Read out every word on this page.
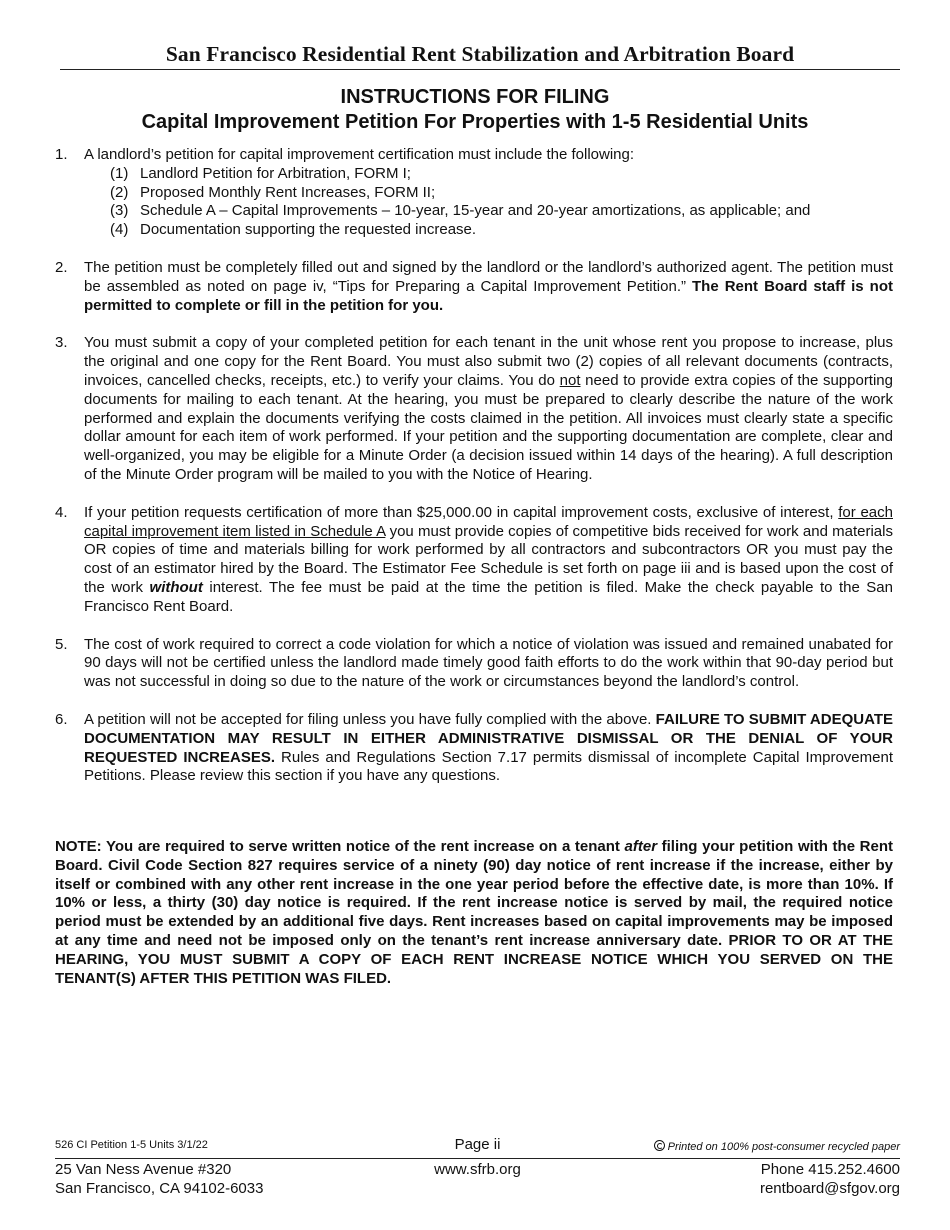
San Francisco Residential Rent Stabilization and Arbitration Board
INSTRUCTIONS FOR FILING
Capital Improvement Petition For Properties with 1-5 Residential Units
1. A landlord’s petition for capital improvement certification must include the following:

(1) Landlord Petition for Arbitration, FORM I;
(2) Proposed Monthly Rent Increases, FORM II;
(3) Schedule A – Capital Improvements – 10-year, 15-year and 20-year amortizations, as applicable; and
(4) Documentation supporting the requested increase.
2. The petition must be completely filled out and signed by the landlord or the landlord’s authorized agent. The petition must be assembled as noted on page iv, “Tips for Preparing a Capital Improvement Petition.” The Rent Board staff is not permitted to complete or fill in the petition for you.

3. You must submit a copy of your completed petition for each tenant in the unit whose rent you propose to increase, plus the original and one copy for the Rent Board. You must also submit two (2) copies of all relevant documents (contracts, invoices, cancelled checks, receipts, etc.) to verify your claims. You do not need to provide extra copies of the supporting documents for mailing to each tenant. At the hearing, you must be prepared to clearly describe the nature of the work performed and explain the documents verifying the costs claimed in the petition. All invoices must clearly state a specific dollar amount for each item of work performed. If your petition and the supporting documentation are complete, clear and well-organized, you may be eligible for a Minute Order (a decision issued within 14 days of the hearing). A full description of the Minute Order program will be mailed to you with the Notice of Hearing.

4. If your petition requests certification of more than $25,000.00 in capital improvement costs, exclusive of interest, for each capital improvement item listed in Schedule A you must provide copies of competitive bids received for work and materials OR copies of time and materials billing for work performed by all contractors and subcontractors OR you must pay the cost of an estimator hired by the Board. The Estimator Fee Schedule is set forth on page iii and is based upon the cost of the work without interest. The fee must be paid at the time the petition is filed. Make the check payable to the San Francisco Rent Board.

5. The cost of work required to correct a code violation for which a notice of violation was issued and remained unabated for 90 days will not be certified unless the landlord made timely good faith efforts to do the work within that 90-day period but was not successful in doing so due to the nature of the work or circumstances beyond the landlord’s control.

6. A petition will not be accepted for filing unless you have fully complied with the above. FAILURE TO SUBMIT ADEQUATE DOCUMENTATION MAY RESULT IN EITHER ADMINISTRATIVE DISMISSAL OR THE DENIAL OF YOUR REQUESTED INCREASES. Rules and Regulations Section 7.17 permits dismissal of incomplete Capital Improvement Petitions. Please review this section if you have any questions.

NOTE: You are required to serve written notice of the rent increase on a tenant after filing your petition with the Rent Board. Civil Code Section 827 requires service of a ninety (90) day notice of rent increase if the increase, either by itself or combined with any other rent increase in the one year period before the effective date, is more than 10%. If 10% or less, a thirty (30) day notice is required. If the rent increase notice is served by mail, the required notice period must be extended by an additional five days. Rent increases based on capital improvements may be imposed at any time and need not be imposed only on the tenant’s rent increase anniversary date. PRIOR TO OR AT THE HEARING, YOU MUST SUBMIT A COPY OF EACH RENT INCREASE NOTICE WHICH YOU SERVED ON THE TENANT(S) AFTER THIS PETITION WAS FILED.
526 CI Petition 1-5 Units 3/1/22	Page ii	Printed on 100% post-consumer recycled paper
25 Van Ness Avenue #320
San Francisco, CA 94102-6033
www.sfrb.org	Phone 415.252.4600
rentboard@sfgov.org
